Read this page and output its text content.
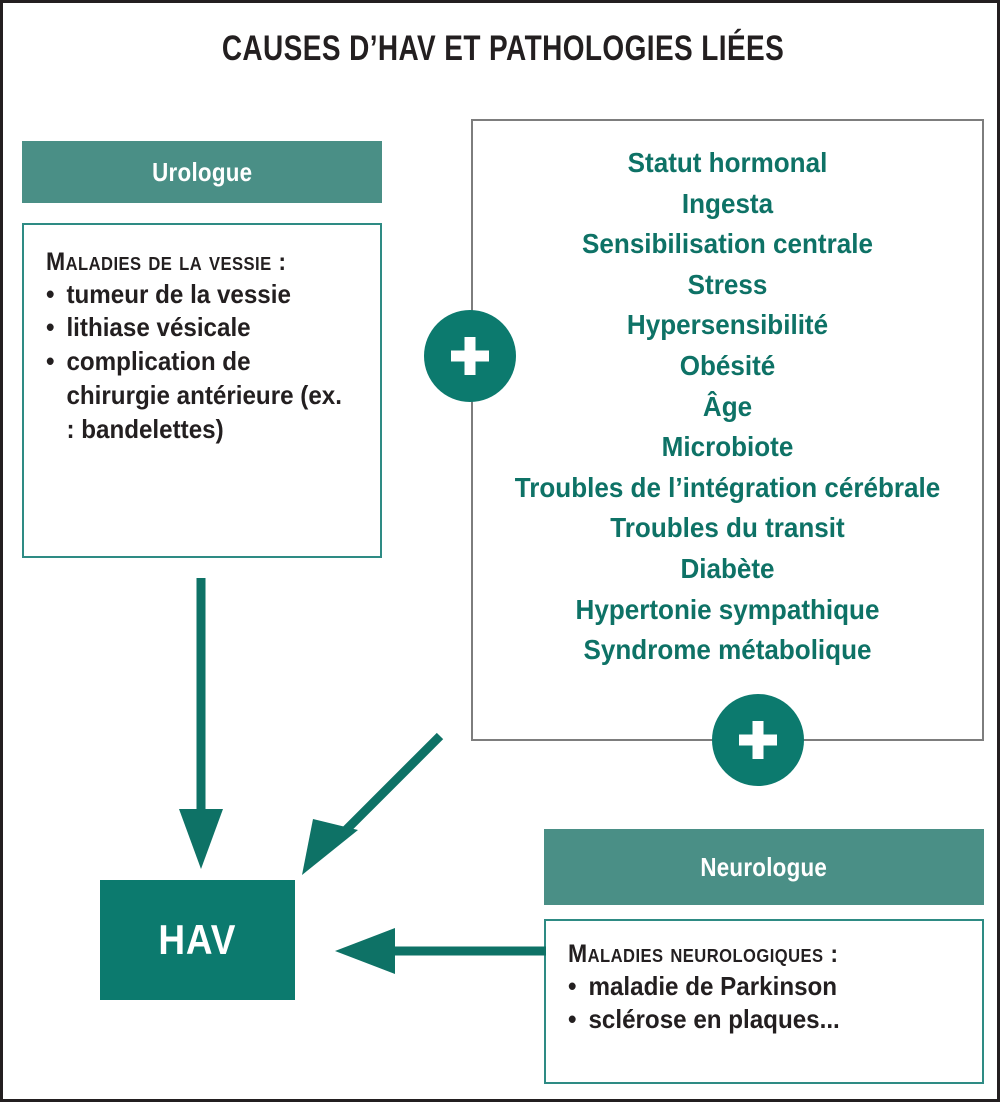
CAUSES D’HAV ET PATHOLOGIES LIÉES
Urologue
Maladies de la vessie :
• tumeur de la vessie
• lithiase vésicale
• complication de chirurgie antérieure (ex. : bandelettes)
Statut hormonal
Ingesta
Sensibilisation centrale
Stress
Hypersensibilité
Obésité
Âge
Microbiote
Troubles de l’intégration cérébrale
Troubles du transit
Diabète
Hypertonie sympathique
Syndrome métabolique
Neurologue
Maladies neurologiques :
• maladie de Parkinson
• sclérose en plaques...
HAV
